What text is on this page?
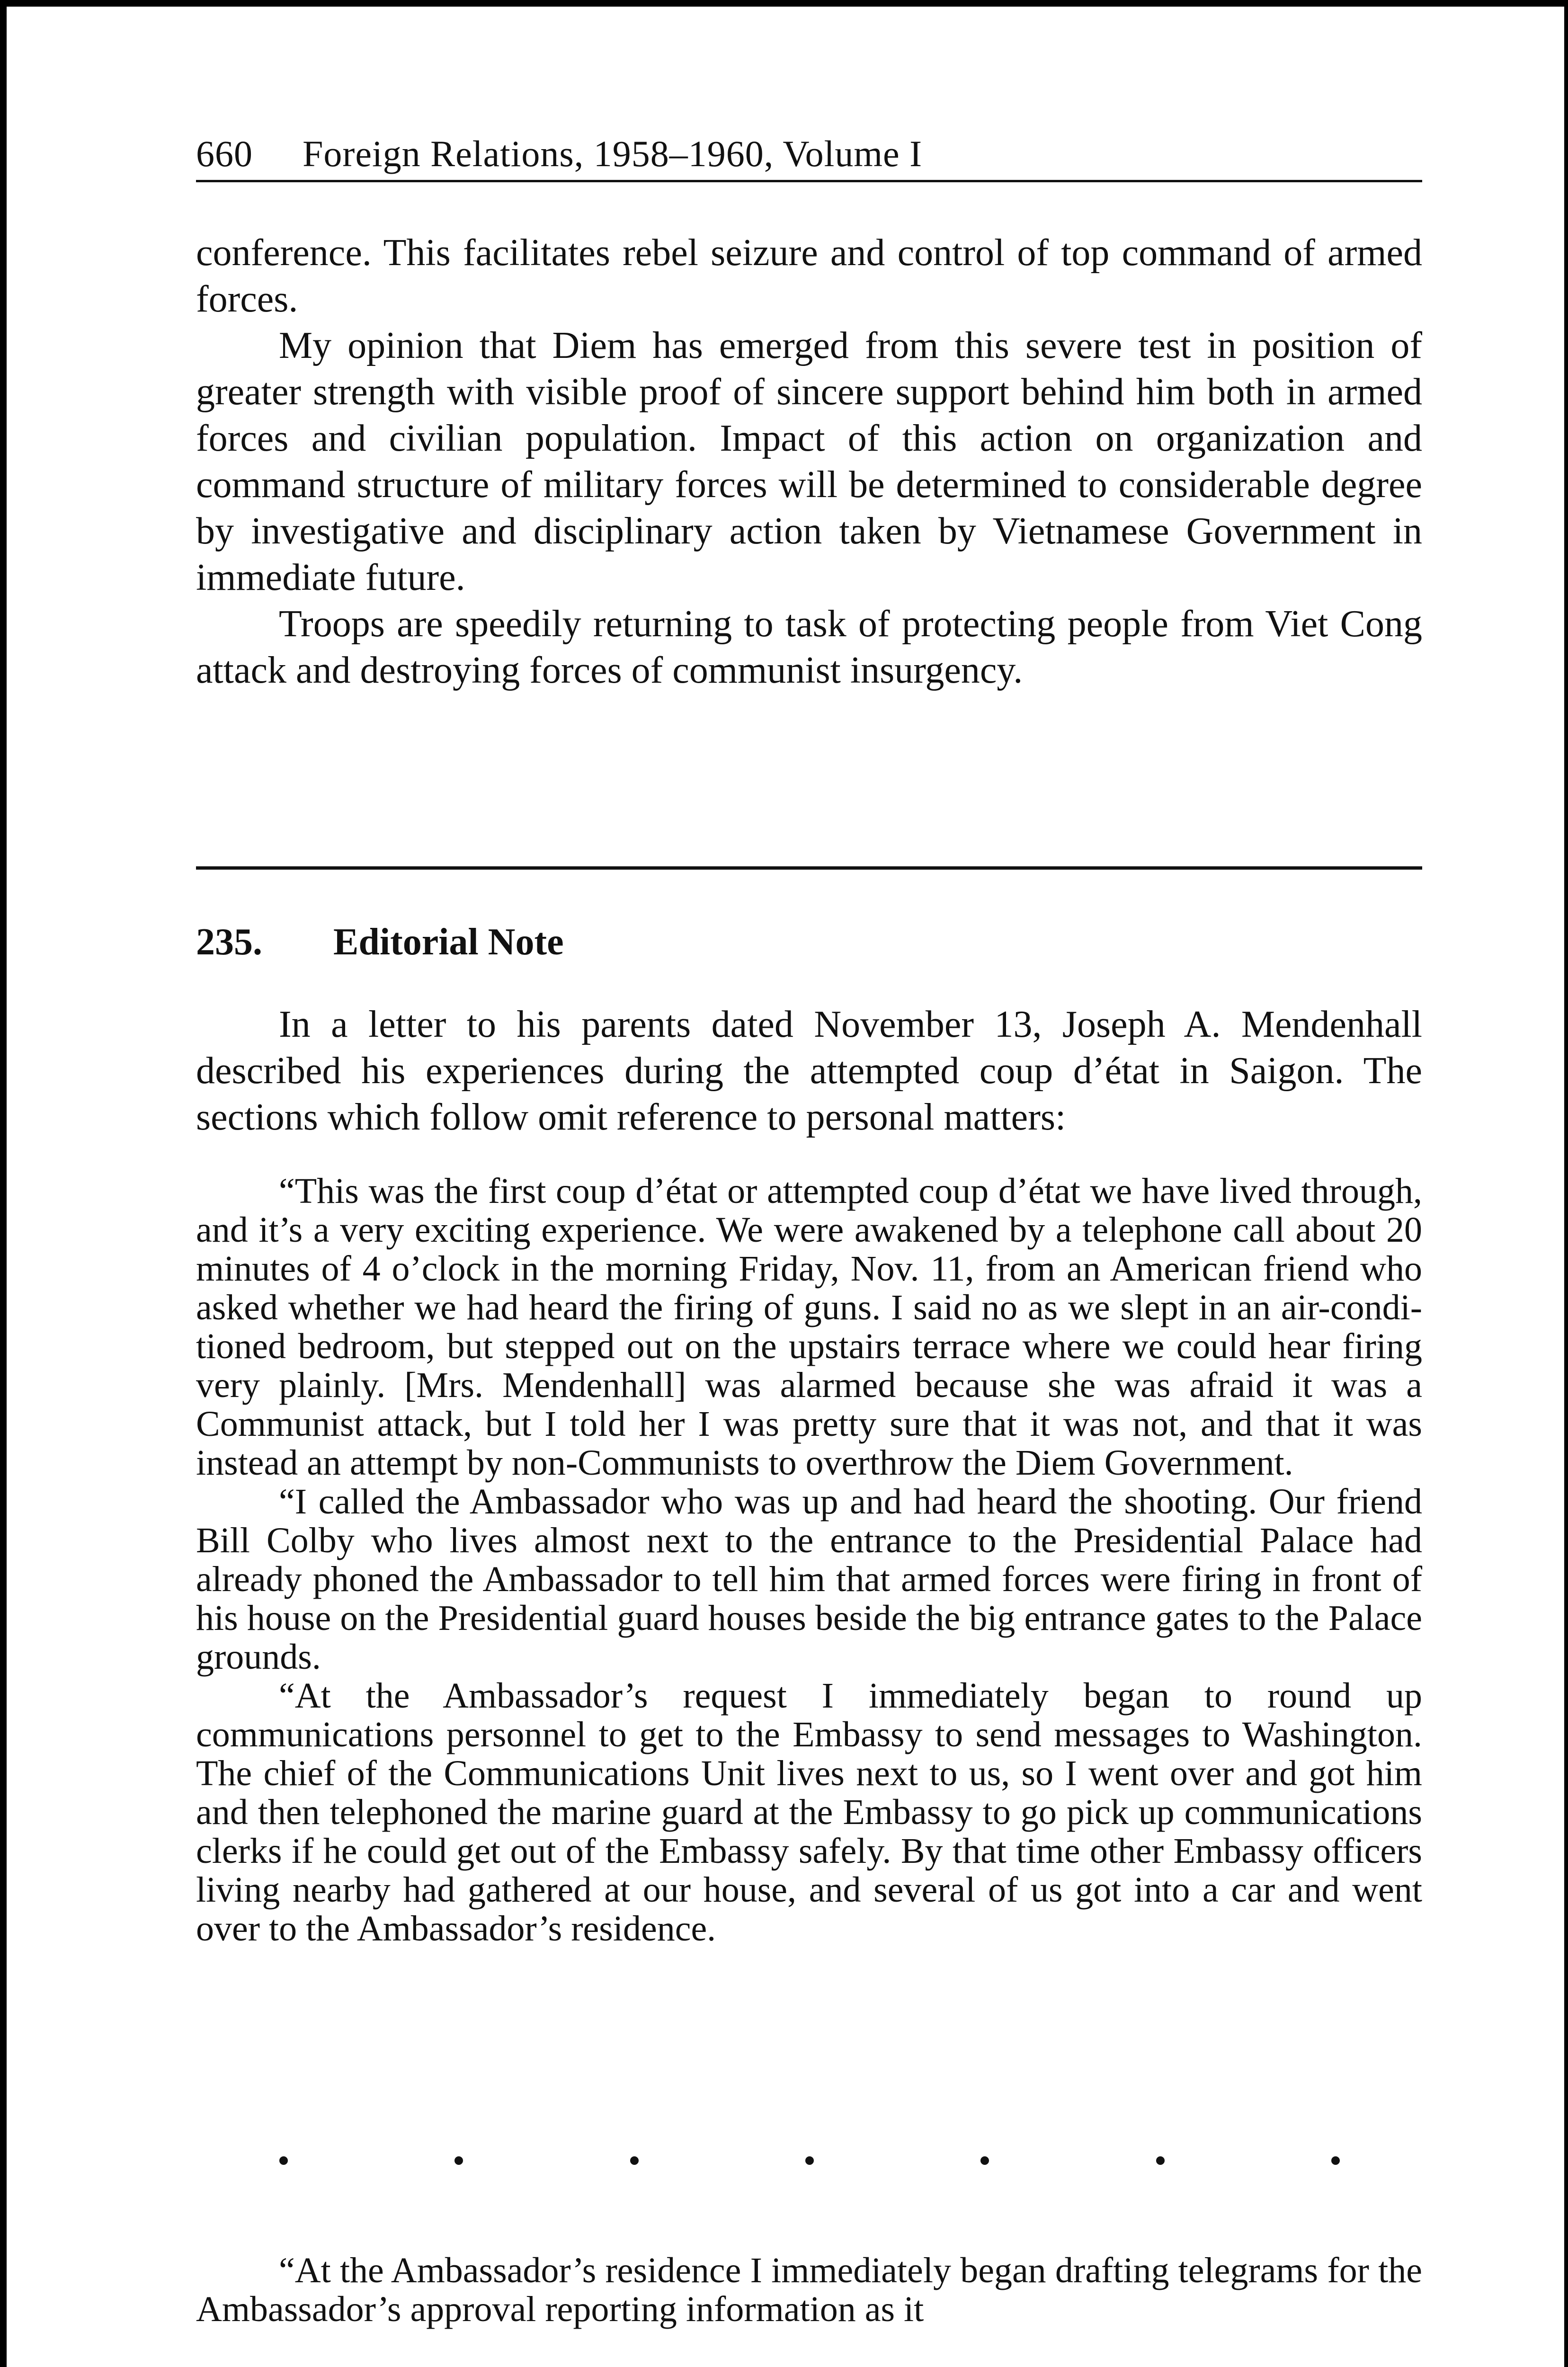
660 Foreign Relations, 1958–1960, Volume I

conference. This facilitates rebel seizure and control of top command of armed forces.

My opinion that Diem has emerged from this severe test in position of greater strength with visible proof of sincere support behind him both in armed forces and civilian population. Impact of this action on organization and command structure of military forces will be determined to considerable degree by investigative and disciplinary action taken by Vietnamese Government in immediate future.

Troops are speedily returning to task of protecting people from Viet Cong attack and destroying forces of communist insurgency.

235. Editorial Note

In a letter to his parents dated November 13, Joseph A. Mendenhall described his experiences during the attempted coup d’état in Saigon. The sections which follow omit reference to personal matters:

“This was the first coup d’état or attempted coup d’état we have lived through, and it’s a very exciting experience. We were awakened by a telephone call about 20 minutes of 4 o’clock in the morning Friday, Nov. 11, from an American friend who asked whether we had heard the firing of guns. I said no as we slept in an air-conditioned bedroom, but stepped out on the upstairs terrace where we could hear firing very plainly. [Mrs. Mendenhall] was alarmed because she was afraid it was a Communist attack, but I told her I was pretty sure that it was not, and that it was instead an attempt by non-Communists to overthrow the Diem Government.

“I called the Ambassador who was up and had heard the shooting. Our friend Bill Colby who lives almost next to the entrance to the Presidential Palace had already phoned the Ambassador to tell him that armed forces were firing in front of his house on the Presidential guard houses beside the big entrance gates to the Palace grounds.

“At the Ambassador’s request I immediately began to round up communications personnel to get to the Embassy to send messages to Washington. The chief of the Communications Unit lives next to us, so I went over and got him and then telephoned the marine guard at the Embassy to go pick up communications clerks if he could get out of the Embassy safely. By that time other Embassy officers living nearby had gathered at our house, and several of us got into a car and went over to the Ambassador’s residence.

“At the Ambassador’s residence I immediately began drafting telegrams for the Ambassador’s approval reporting information as it
